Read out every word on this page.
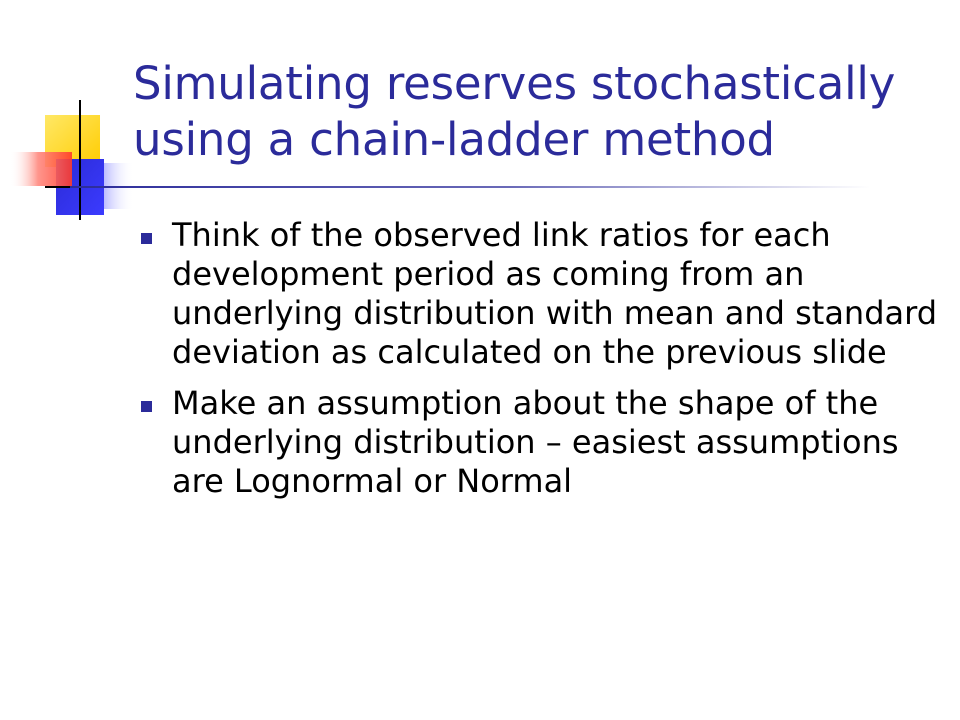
Simulating reserves stochastically using a chain-ladder method
Think of the observed link ratios for each development period as coming from an underlying distribution with mean and standard deviation as calculated on the previous slide
Make an assumption about the shape of the underlying distribution – easiest assumptions are Lognormal or Normal
